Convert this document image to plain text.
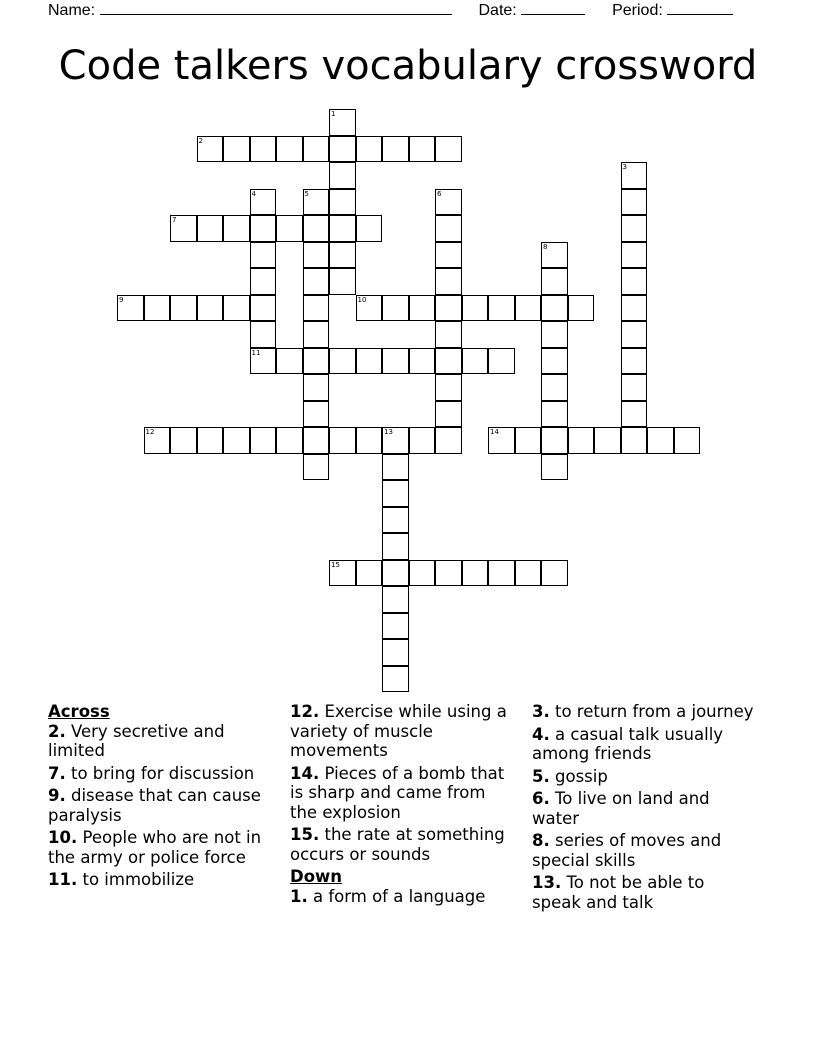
Name:	Date:	Period:
Code talkers vocabulary crossword
1
2
3
4	5	6
7
8
9	10
11
12	13	14
15
Across
2. Very secretive and limited
7. to bring for discussion
9. disease that can cause paralysis
10. People who are not in the army or police force
11. to immobilize
12. Exercise while using a variety of muscle movements
14. Pieces of a bomb that is sharp and came from the explosion
15. the rate at something occurs or sounds
Down
1. a form of a language
3. to return from a journey
4. a casual talk usually among friends
5. gossip
6. To live on land and water
8. series of moves and special skills
13. To not be able to speak and talk
